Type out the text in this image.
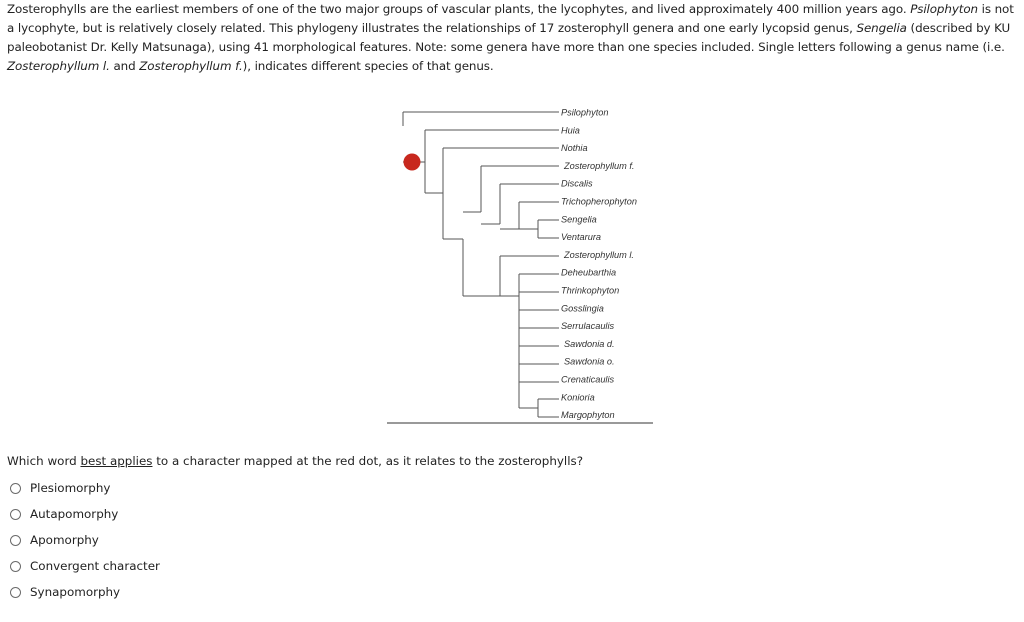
Zosterophylls are the earliest members of one of the two major groups of vascular plants, the lycophytes, and lived approximately 400 million years ago. Psilophyton is not a lycophyte, but is relatively closely related. This phylogeny illustrates the relationships of 17 zosterophyll genera and one early lycopsid genus, Sengelia (described by KU paleobotanist Dr. Kelly Matsunaga), using 41 morphological features. Note: some genera have more than one species included. Single letters following a genus name (i.e. Zosterophyllum l. and Zosterophyllum f.), indicates different species of that genus.
Psilophyton
Huia
Nothia
Zosterophyllum f.
Discalis
Trichopherophyton
Sengelia
Ventarura
Zosterophyllum l.
Deheubarthia
Thrinkophyton
Gosslingia
Serrulacaulis
Sawdonia d.
Sawdonia o.
Crenaticaulis
Konioria
Margophyton
Which word best applies to a character mapped at the red dot, as it relates to the zosterophylls?
Plesiomorphy
Autapomorphy
Apomorphy
Convergent character
Synapomorphy
